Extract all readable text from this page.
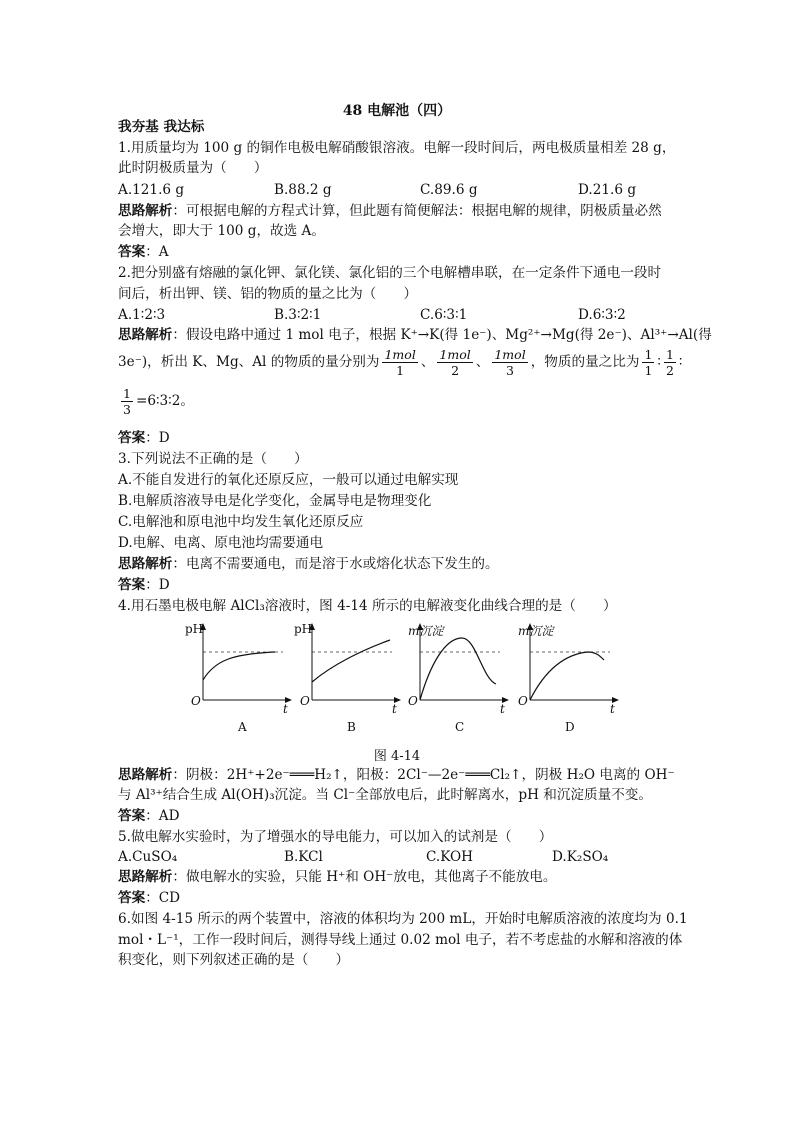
48 电解池（四）
我夯基 我达标
1.用质量均为 100 g 的铜作电极电解硝酸银溶液。电解一段时间后，两电极质量相差 28 g，
此时阴极质量为（　　）
A.121.6 g	B.88.2 g	C.89.6 g	D.21.6 g
思路解析：可根据电解的方程式计算，但此题有简便解法：根据电解的规律，阴极质量必然
会增大，即大于 100 g，故选 A。
答案：A
2.把分别盛有熔融的氯化钾、氯化镁、氯化铝的三个电解槽串联，在一定条件下通电一段时
间后，析出钾、镁、铝的物质的量之比为（　　）
A.1∶2∶3	B.3∶2∶1	C.6∶3∶1	D.6∶3∶2
思路解析：假设电路中通过 1 mol 电子，根据 K⁺→K(得 1e⁻)、Mg²⁺→Mg(得 2e⁻)、Al³⁺→Al(得
3e⁻)，析出 K、Mg、Al 的物质的量分别为 $\frac{\text{1mol}}{1}$ 、 $\frac{\text{1mol}}{2}$ 、 $\frac{\text{1mol}}{3}$ ，物质的量之比为 $\frac{1}{1}$ ∶ $\frac{1}{2}$ ∶
$\frac{1}{3}$ =6∶3∶2。
答案：D
3.下列说法不正确的是（　　）
A.不能自发进行的氧化还原反应，一般可以通过电解实现
B.电解质溶液导电是化学变化，金属导电是物理变化
C.电解池和原电池中均发生氧化还原反应
D.电解、电离、原电池均需要通电
思路解析：电离不需要通电，而是溶于水或熔化状态下发生的。
答案：D
4.用石墨电极电解 AlCl₃溶液时，图 4-14 所示的电解液变化曲线合理的是（　　）
pH
O
t
A
pH
O
t
B
m沉淀
O
t
C
m沉淀
O
t
D
图 4-14
思路解析：阴极：2H⁺+2e⁻═══H₂↑，阳极：2Cl⁻—2e⁻═══Cl₂↑，阴极 H₂O 电离的 OH⁻
与 Al³⁺结合生成 Al(OH)₃沉淀。当 Cl⁻全部放电后，此时解离水，pH 和沉淀质量不变。
答案：AD
5.做电解水实验时，为了增强水的导电能力，可以加入的试剂是（　　）
A.CuSO₄	B.KCl	C.KOH	D.K₂SO₄
思路解析：做电解水的实验，只能 H⁺和 OH⁻放电，其他离子不能放电。
答案：CD
6.如图 4-15 所示的两个装置中，溶液的体积均为 200 mL，开始时电解质溶液的浓度均为 0.1
mol・L⁻¹，工作一段时间后，测得导线上通过 0.02 mol 电子，若不考虑盐的水解和溶液的体
积变化，则下列叙述正确的是（　　）
